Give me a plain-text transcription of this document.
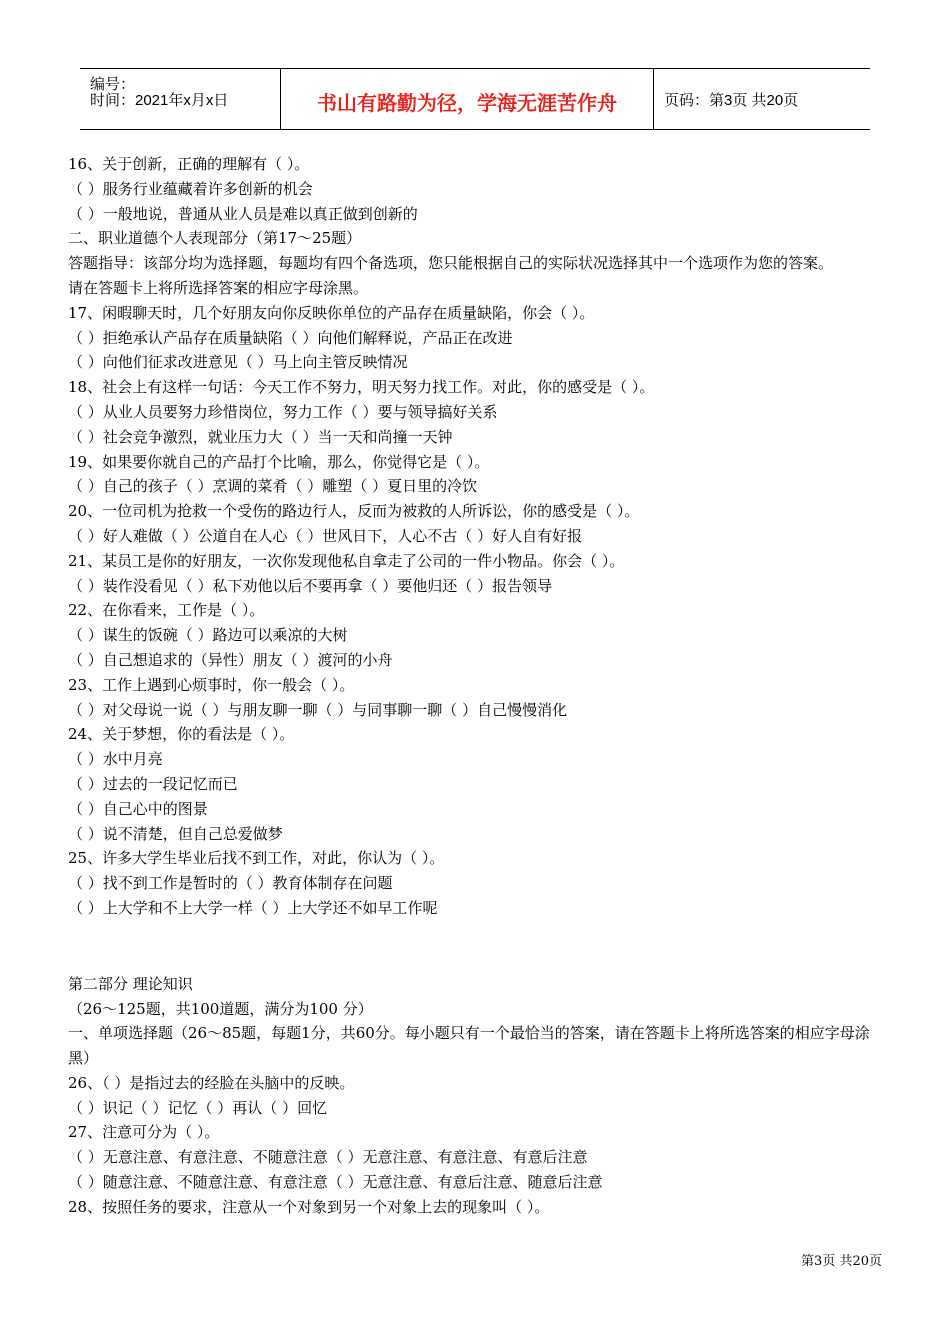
编号：
时间：2021年x月x日	书山有路勤为径，学海无涯苦作舟	页码：第3页 共20页
16、关于创新，正确的理解有（ ）。
（ ）服务行业蕴藏着许多创新的机会
（ ）一般地说，普通从业人员是难以真正做到创新的
二、职业道德个人表现部分（第17～25题）
答题指导：该部分均为选择题，每题均有四个备选项，您只能根据自己的实际状况选择其中一个选项作为您的答案。
请在答题卡上将所选择答案的相应字母涂黑。
17、闲暇聊天时，几个好朋友向你反映你单位的产品存在质量缺陷，你会（ ）。
（ ）拒绝承认产品存在质量缺陷（ ）向他们解释说，产品正在改进
（ ）向他们征求改进意见（ ）马上向主管反映情况
18、社会上有这样一句话：今天工作不努力，明天努力找工作。对此，你的感受是（ ）。
（ ）从业人员要努力珍惜岗位，努力工作（ ）要与领导搞好关系
（ ）社会竞争激烈，就业压力大（ ）当一天和尚撞一天钟
19、如果要你就自己的产品打个比喻，那么，你觉得它是（ ）。
（ ）自己的孩子（ ）烹调的菜肴（ ）雕塑（ ）夏日里的冷饮
20、一位司机为抢救一个受伤的路边行人，反而为被救的人所诉讼，你的感受是（ ）。
（ ）好人难做（ ）公道自在人心（ ）世风日下，人心不古（ ）好人自有好报
21、某员工是你的好朋友，一次你发现他私自拿走了公司的一件小物品。你会（ ）。
（ ）装作没看见（ ）私下劝他以后不要再拿（ ）要他归还（ ）报告领导
22、在你看来，工作是（ ）。
（ ）谋生的饭碗（ ）路边可以乘凉的大树
（ ）自己想追求的（异性）朋友（ ）渡河的小舟
23、工作上遇到心烦事时，你一般会（ ）。
（ ）对父母说一说（ ）与朋友聊一聊（ ）与同事聊一聊（ ）自己慢慢消化
24、关于梦想，你的看法是（ ）。
（ ）水中月亮
（ ）过去的一段记忆而已
（ ）自己心中的图景
（ ）说不清楚，但自己总爱做梦
25、许多大学生毕业后找不到工作，对此，你认为（ ）。
（ ）找不到工作是暂时的（ ）教育体制存在问题
（ ）上大学和不上大学一样（ ）上大学还不如早工作呢
第二部分 理论知识
（26～125题，共100道题，满分为100 分）
一、单项选择题（26～85题，每题1分，共60分。每小题只有一个最恰当的答案，请在答题卡上将所选答案的相应字母涂黑）
26、（ ）是指过去的经脸在头脑中的反映。
（ ）识记（ ）记忆（ ）再认（ ）回忆
27、注意可分为（ ）。
（ ）无意注意、有意注意、不随意注意（ ）无意注意、有意注意、有意后注意
（ ）随意注意、不随意注意、有意注意（ ）无意注意、有意后注意、随意后注意
28、按照任务的要求，注意从一个对象到另一个对象上去的现象叫（ ）。
第3页 共20页
